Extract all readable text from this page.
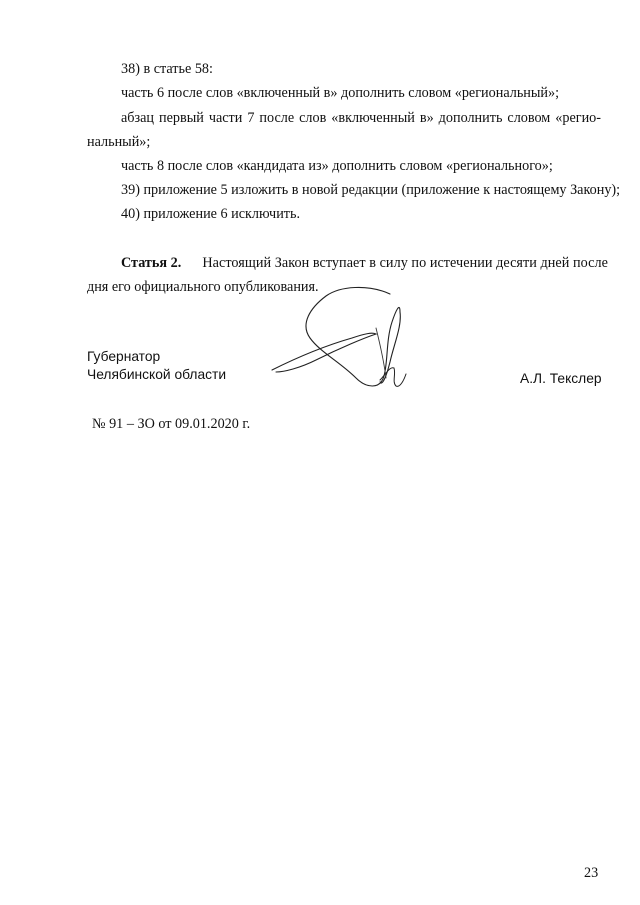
38) в статье 58:
часть 6 после слов «включенный в» дополнить словом «региональный»;
абзац первый части 7 после слов «включенный в» дополнить словом «регио-
нальный»;
часть 8 после слов «кандидата из» дополнить словом «регионального»;
39) приложение 5 изложить в новой редакции (приложение к настоящему Закону);
40) приложение 6 исключить.
Статья 2. Настоящий Закон вступает в силу по истечении десяти дней после
дня его официального опубликования.
Губернатор
Челябинской области	А.Л. Текслер
№ 91 – ЗО от 09.01.2020 г.
23
